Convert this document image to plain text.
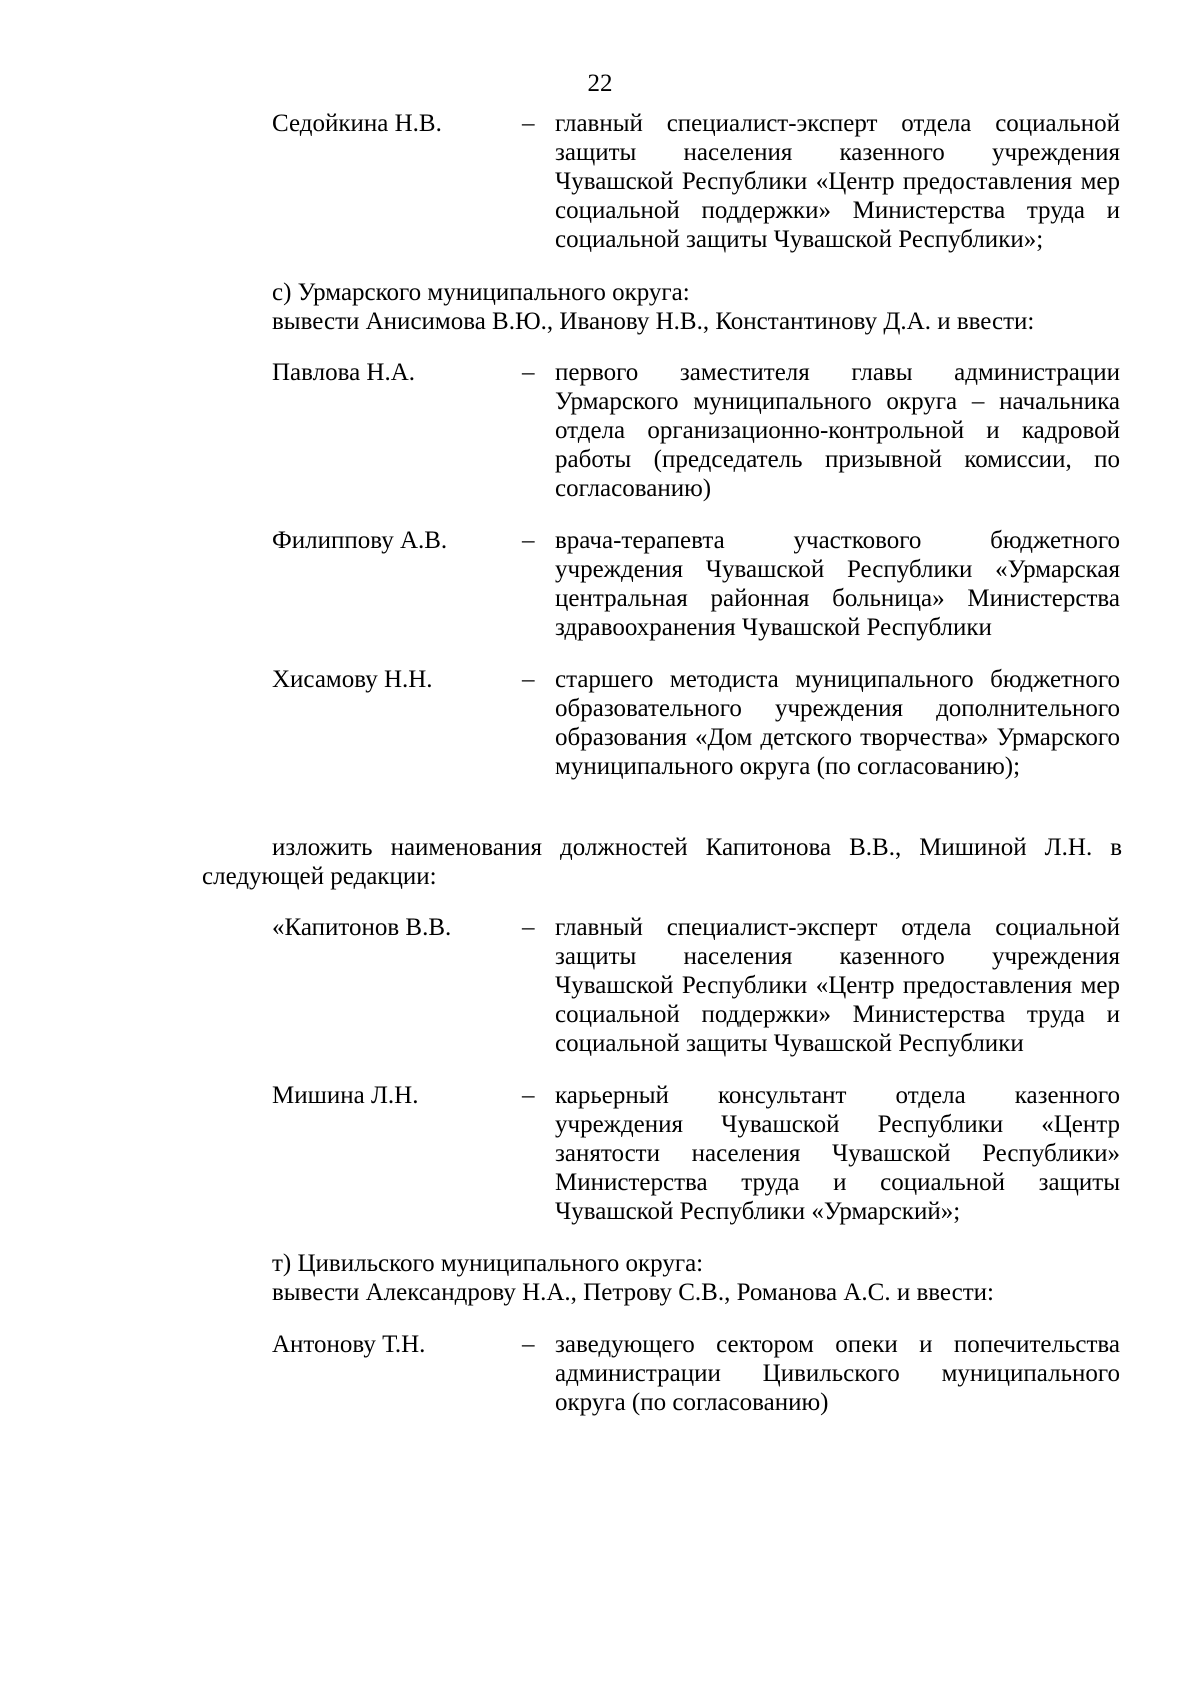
22
Седойкина Н.В.	– главный специалист-эксперт отдела социальной защиты населения казенного учреждения Чувашской Республики «Центр предоставления мер социальной поддержки» Министерства труда и социальной защиты Чувашской Республики»;
с) Урмарского муниципального округа:
вывести Анисимова В.Ю., Иванову Н.В., Константинову Д.А. и ввести:
Павлова Н.А.	– первого заместителя главы администрации Урмарского муниципального округа – начальника отдела организационно-контрольной и кадровой работы (председатель призывной комиссии, по согласованию)
Филиппову А.В.	– врача-терапевта участкового бюджетного учреждения Чувашской Республики «Урмарская центральная районная больница» Министерства здравоохранения Чувашской Республики
Хисамову Н.Н.	– старшего методиста муниципального бюджетного образовательного учреждения дополнительного образования «Дом детского творчества» Урмарского муниципального округа (по согласованию);
изложить наименования должностей Капитонова В.В., Мишиной Л.Н. в следующей редакции:
«Капитонов В.В.	– главный специалист-эксперт отдела социальной защиты населения казенного учреждения Чувашской Республики «Центр предоставления мер социальной поддержки» Министерства труда и социальной защиты Чувашской Республики
Мишина Л.Н.	– карьерный консультант отдела казенного учреждения Чувашской Республики «Центр занятости населения Чувашской Республики» Министерства труда и социальной защиты Чувашской Республики «Урмарский»;
т) Цивильского муниципального округа:
вывести Александрову Н.А., Петрову С.В., Романова А.С. и ввести:
Антонову Т.Н.	– заведующего сектором опеки и попечительства администрации Цивильского муниципального округа (по согласованию)
